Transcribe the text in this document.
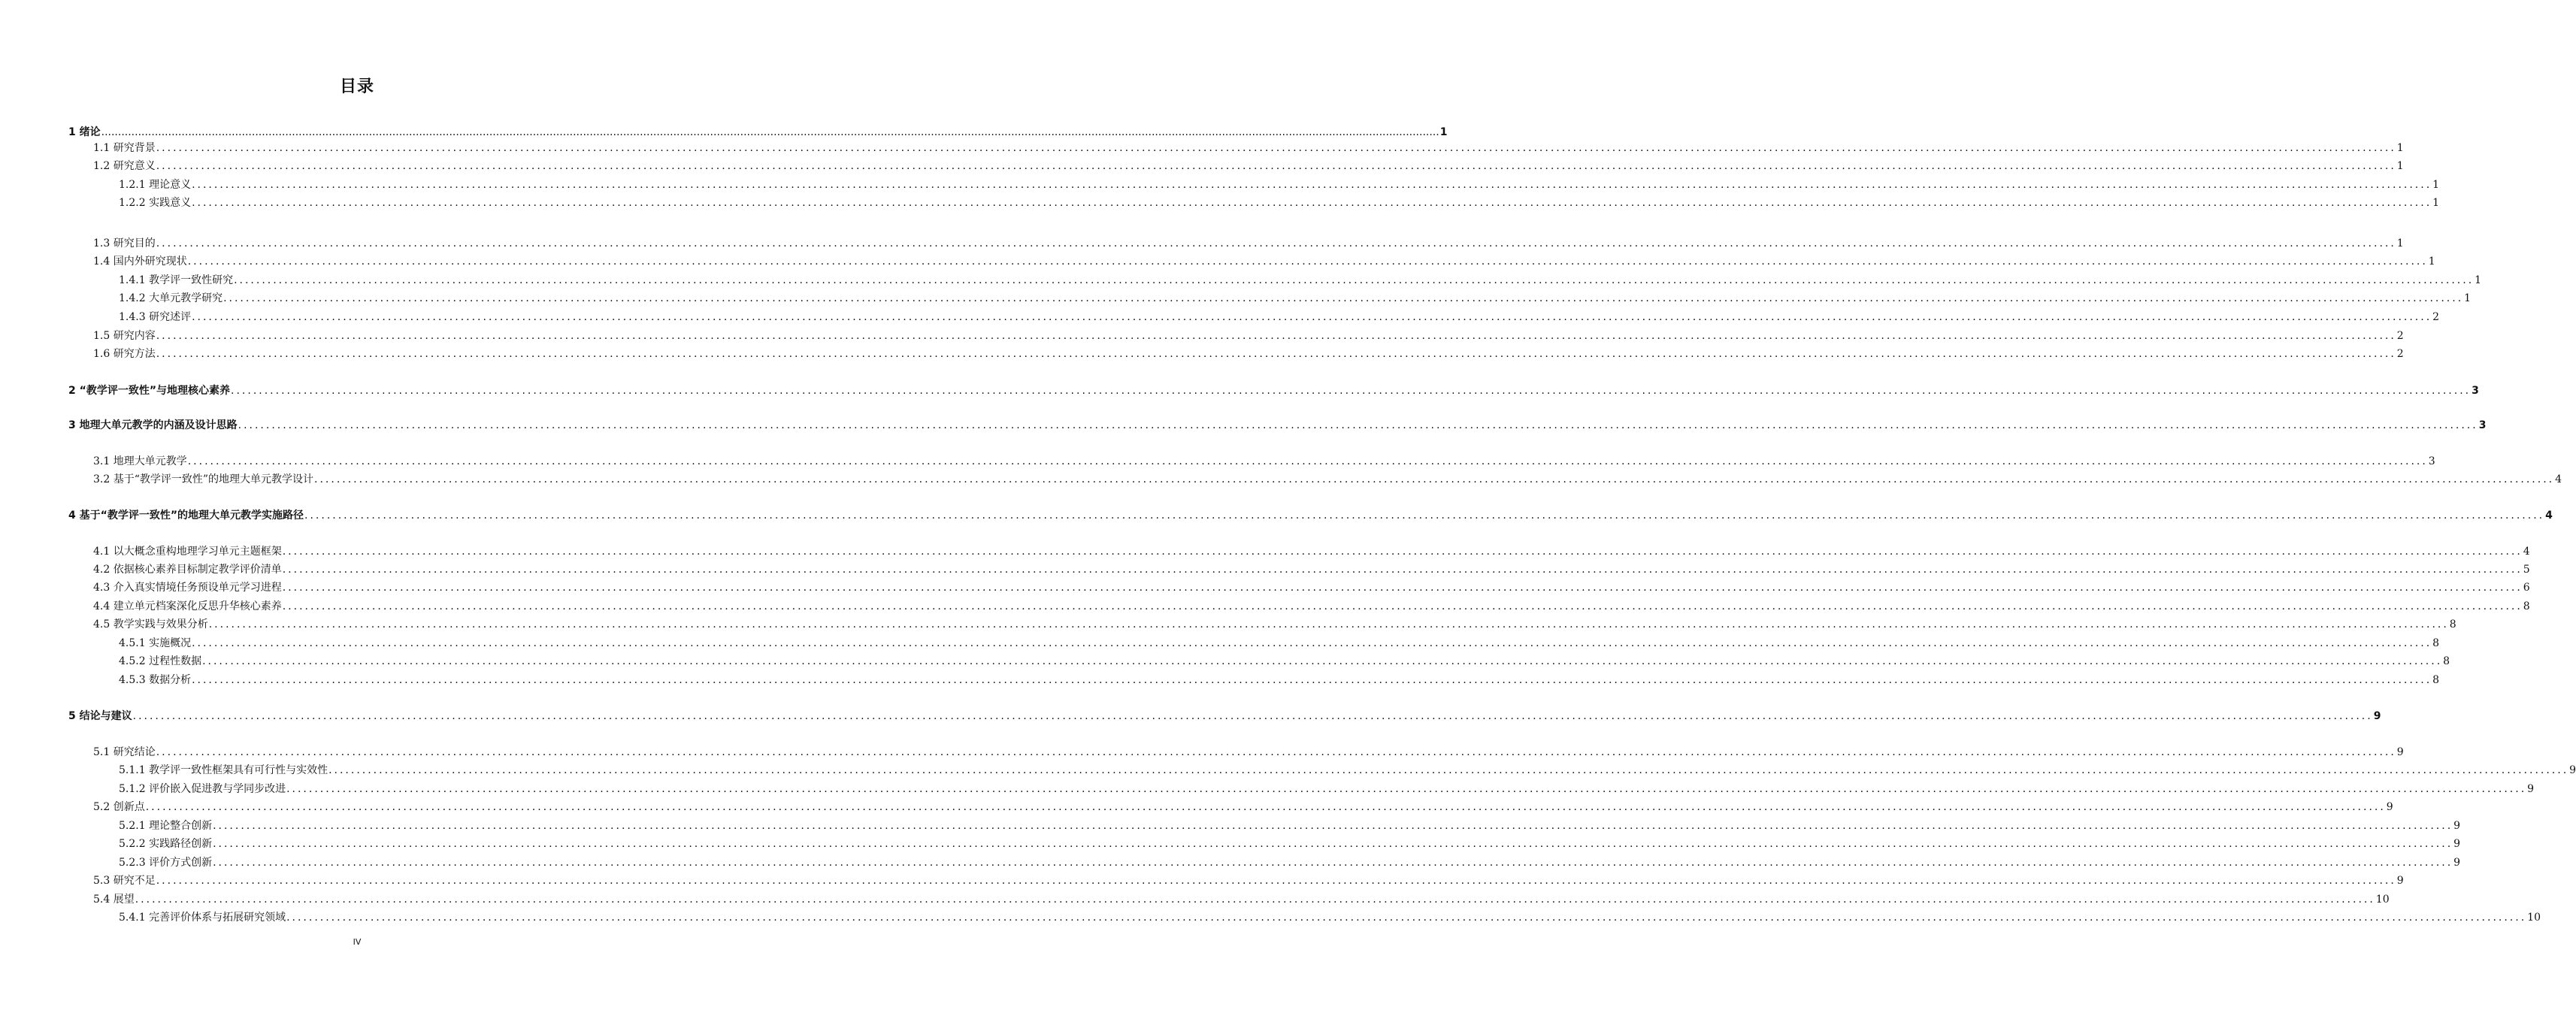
目录
1 绪论 ................................................................................................................................................................................................................................................................................................................................................................................................................ 1
1.1 研究背景 ................................................................................................................................................................................................................................................................................................................................................................................................................ 1
1.2 研究意义 ................................................................................................................................................................................................................................................................................................................................................................................................................ 1
1.2.1 理论意义 ................................................................................................................................................................................................................................................................................................................................................................................................................ 1
1.2.2 实践意义 ................................................................................................................................................................................................................................................................................................................................................................................................................ 1
1.3 研究目的 ................................................................................................................................................................................................................................................................................................................................................................................................................ 1
1.4 国内外研究现状 ................................................................................................................................................................................................................................................................................................................................................................................................................ 1
1.4.1 教学评一致性研究 ................................................................................................................................................................................................................................................................................................................................................................................................................ 1
1.4.2 大单元教学研究 ................................................................................................................................................................................................................................................................................................................................................................................................................ 1
1.4.3 研究述评 ................................................................................................................................................................................................................................................................................................................................................................................................................ 2
1.5 研究内容 ................................................................................................................................................................................................................................................................................................................................................................................................................ 2
1.6 研究方法 ................................................................................................................................................................................................................................................................................................................................................................................................................ 2
2 “教学评一致性”与地理核心素养 ................................................................................................................................................................................................................................................................................................................................................................................................................ 3
3 地理大单元教学的内涵及设计思路 ................................................................................................................................................................................................................................................................................................................................................................................................................ 3
3.1 地理大单元教学 ................................................................................................................................................................................................................................................................................................................................................................................................................ 3
3.2 基于“教学评一致性”的地理大单元教学设计 ................................................................................................................................................................................................................................................................................................................................................................................................................ 4
4 基于“教学评一致性”的地理大单元教学实施路径 ................................................................................................................................................................................................................................................................................................................................................................................................................ 4
4.1 以大概念重构地理学习单元主题框架 ................................................................................................................................................................................................................................................................................................................................................................................................................ 4
4.2 依据核心素养目标制定教学评价清单 ................................................................................................................................................................................................................................................................................................................................................................................................................ 5
4.3 介入真实情境任务预设单元学习进程 ................................................................................................................................................................................................................................................................................................................................................................................................................ 6
4.4 建立单元档案深化反思升华核心素养 ................................................................................................................................................................................................................................................................................................................................................................................................................ 8
4.5 教学实践与效果分析 ................................................................................................................................................................................................................................................................................................................................................................................................................ 8
4.5.1 实施概况 ................................................................................................................................................................................................................................................................................................................................................................................................................ 8
4.5.2 过程性数据 ................................................................................................................................................................................................................................................................................................................................................................................................................ 8
4.5.3 数据分析 ................................................................................................................................................................................................................................................................................................................................................................................................................ 8
5 结论与建议 ................................................................................................................................................................................................................................................................................................................................................................................................................ 9
5.1 研究结论 ................................................................................................................................................................................................................................................................................................................................................................................................................ 9
5.1.1 教学评一致性框架具有可行性与实效性 ................................................................................................................................................................................................................................................................................................................................................................................................................ 9
5.1.2 评价嵌入促进教与学同步改进 ................................................................................................................................................................................................................................................................................................................................................................................................................ 9
5.2 创新点 ................................................................................................................................................................................................................................................................................................................................................................................................................ 9
5.2.1 理论整合创新 ................................................................................................................................................................................................................................................................................................................................................................................................................ 9
5.2.2 实践路径创新 ................................................................................................................................................................................................................................................................................................................................................................................................................ 9
5.2.3 评价方式创新 ................................................................................................................................................................................................................................................................................................................................................................................................................ 9
5.3 研究不足 ................................................................................................................................................................................................................................................................................................................................................................................................................ 9
5.4 展望 ................................................................................................................................................................................................................................................................................................................................................................................................................ 10
5.4.1 完善评价体系与拓展研究领域 ................................................................................................................................................................................................................................................................................................................................................................................................................ 10
IV
